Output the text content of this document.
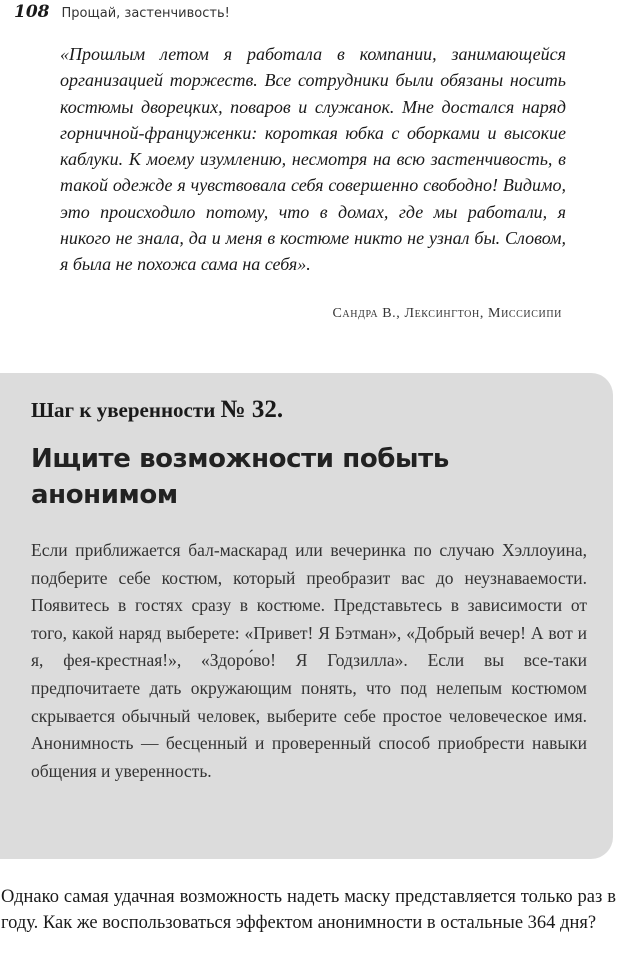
108 Прощай, застенчивость!

«Прошлым летом я работала в компании, занимающейся организацией торжеств. Все сотрудники были обязаны носить костюмы дворецких, поваров и служанок. Мне достался наряд горничной-француженки: короткая юбка с оборками и высокие каблуки. К моему изумлению, несмотря на всю застенчивость, в такой одежде я чувствовала себя совершенно свободно! Видимо, это происходило потому, что в домах, где мы работали, я никого не знала, да и меня в костюме никто не узнал бы. Словом, я была не похожа сама на себя».

Сандра В., Лексингтон, Миссисипи
Шаг к уверенности № 32.
Ищите возможности побыть анонимом

Если приближается бал-маскарад или вечеринка по случаю Хэллоуина, подберите себе костюм, который преобразит вас до неузнаваемости. Появитесь в гостях сразу в костюме. Представьтесь в зависимости от того, какой наряд выберете: «Привет! Я Бэтман», «Добрый вечер! А вот и я, фея-крестная!», «Здоро́во! Я Годзилла». Если вы все-таки предпочитаете дать окружающим понять, что под нелепым костюмом скрывается обычный человек, выберите себе простое человеческое имя. Анонимность — бесценный и проверенный способ приобрести навыки общения и уверенность.

Однако самая удачная возможность надеть маску представляется только раз в году. Как же воспользоваться эффектом анонимности в остальные 364 дня?
